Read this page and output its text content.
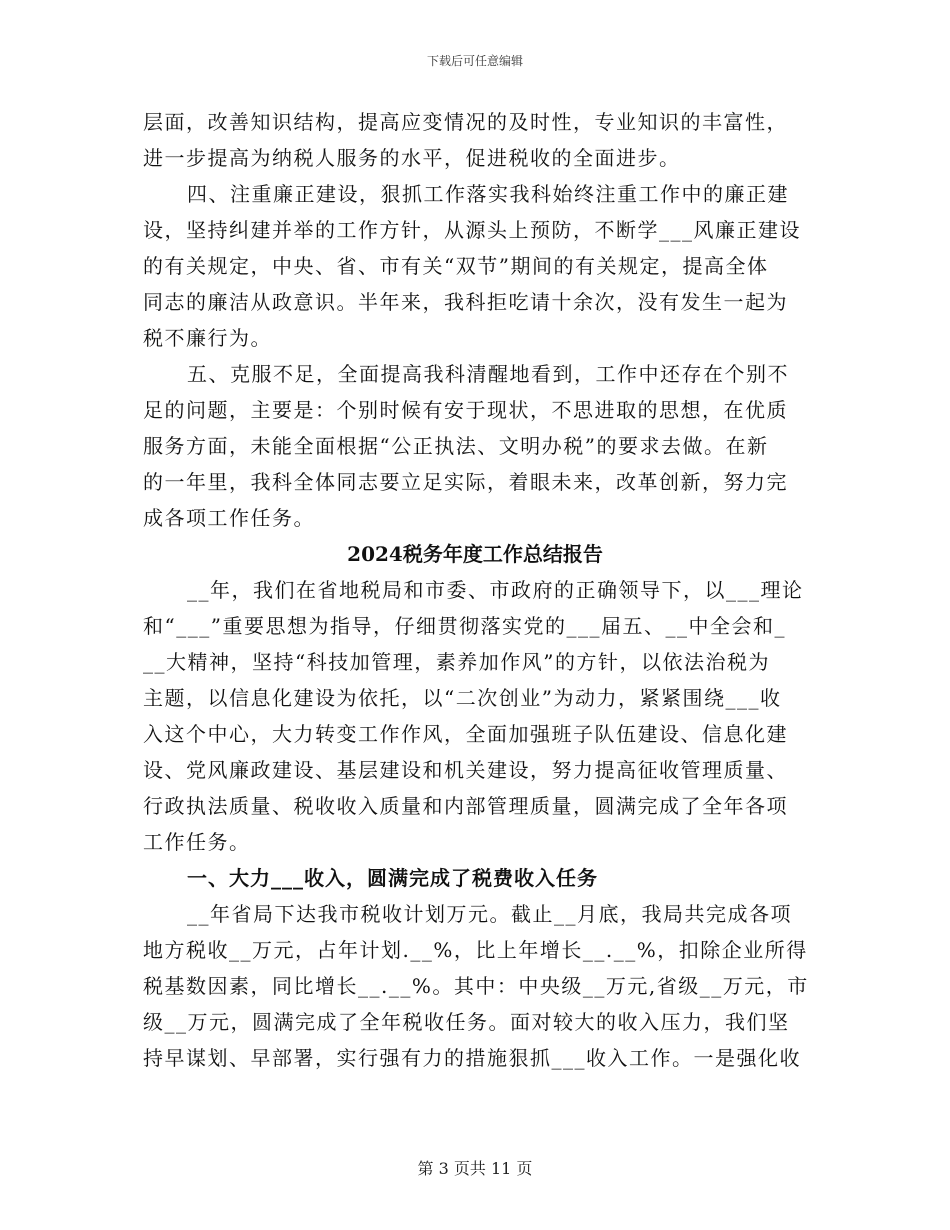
下载后可任意编辑
层面，改善知识结构，提高应变情况的及时性，专业知识的丰富性，
进一步提高为纳税人服务的水平，促进税收的全面进步。
四、注重廉正建设，狠抓工作落实我科始终注重工作中的廉正建
设，坚持纠建并举的工作方针，从源头上预防，不断学___风廉正建设
的有关规定，中央、省、市有关“双节”期间的有关规定，提高全体
同志的廉洁从政意识。半年来，我科拒吃请十余次，没有发生一起为
税不廉行为。
五、克服不足，全面提高我科清醒地看到，工作中还存在个别不
足的问题，主要是：个别时候有安于现状，不思进取的思想，在优质
服务方面，未能全面根据“公正执法、文明办税”的要求去做。在新
的一年里，我科全体同志要立足实际，着眼未来，改革创新，努力完
成各项工作任务。
2024税务年度工作总结报告
__年，我们在省地税局和市委、市政府的正确领导下，以___理论
和“___”重要思想为指导，仔细贯彻落实党的___届五、__中全会和_
__大精神，坚持“科技加管理，素养加作风”的方针，以依法治税为
主题，以信息化建设为依托，以“二次创业”为动力，紧紧围绕___收
入这个中心，大力转变工作作风，全面加强班子队伍建设、信息化建
设、党风廉政建设、基层建设和机关建设，努力提高征收管理质量、
行政执法质量、税收收入质量和内部管理质量，圆满完成了全年各项
工作任务。
一、大力___收入，圆满完成了税费收入任务
__年省局下达我市税收计划万元。截止__月底，我局共完成各项
地方税收__万元，占年计划.__%，比上年增长__.__%，扣除企业所得
税基数因素，同比增长__.__%。其中：中央级__万元,省级__万元，市
级__万元，圆满完成了全年税收任务。面对较大的收入压力，我们坚
持早谋划、早部署，实行强有力的措施狠抓___收入工作。一是强化收
第 3 页共 11 页
